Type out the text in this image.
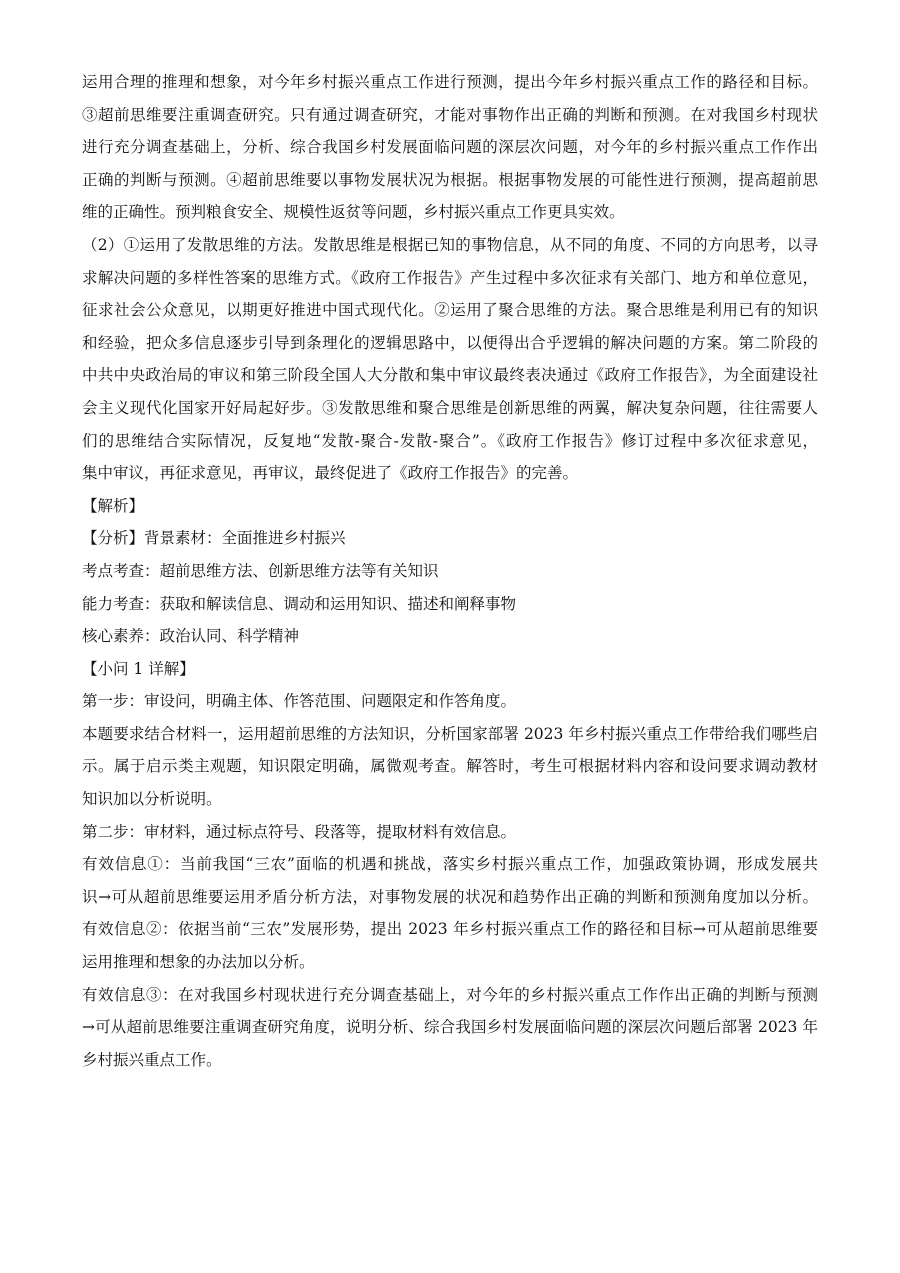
运用合理的推理和想象，对今年乡村振兴重点工作进行预测，提出今年乡村振兴重点工作的路径和目标。
③超前思维要注重调查研究。只有通过调查研究，才能对事物作出正确的判断和预测。在对我国乡村现状
进行充分调查基础上，分析、综合我国乡村发展面临问题的深层次问题，对今年的乡村振兴重点工作作出
正确的判断与预测。④超前思维要以事物发展状况为根据。根据事物发展的可能性进行预测，提高超前思
维的正确性。预判粮食安全、规模性返贫等问题，乡村振兴重点工作更具实效。
（2）①运用了发散思维的方法。发散思维是根据已知的事物信息，从不同的角度、不同的方向思考，以寻
求解决问题的多样性答案的思维方式。《政府工作报告》产生过程中多次征求有关部门、地方和单位意见，
征求社会公众意见，以期更好推进中国式现代化。②运用了聚合思维的方法。聚合思维是利用已有的知识
和经验，把众多信息逐步引导到条理化的逻辑思路中，以便得出合乎逻辑的解决问题的方案。第二阶段的
中共中央政治局的审议和第三阶段全国人大分散和集中审议最终表决通过《政府工作报告》，为全面建设社
会主义现代化国家开好局起好步。③发散思维和聚合思维是创新思维的两翼，解决复杂问题，往往需要人
们的思维结合实际情况，反复地“发散-聚合-发散-聚合”。《政府工作报告》修订过程中多次征求意见，
集中审议，再征求意见，再审议，最终促进了《政府工作报告》的完善。
【解析】
【分析】背景素材：全面推进乡村振兴
考点考查：超前思维方法、创新思维方法等有关知识
能力考查：获取和解读信息、调动和运用知识、描述和阐释事物
核心素养：政治认同、科学精神
【小问 1 详解】
第一步：审设问，明确主体、作答范围、问题限定和作答角度。
本题要求结合材料一，运用超前思维的方法知识，分析国家部署 2023 年乡村振兴重点工作带给我们哪些启
示。属于启示类主观题，知识限定明确，属微观考查。解答时，考生可根据材料内容和设问要求调动教材
知识加以分析说明。
第二步：审材料，通过标点符号、段落等，提取材料有效信息。
有效信息①：当前我国“三农”面临的机遇和挑战，落实乡村振兴重点工作，加强政策协调，形成发展共
识→可从超前思维要运用矛盾分析方法，对事物发展的状况和趋势作出正确的判断和预测角度加以分析。
有效信息②：依据当前“三农”发展形势，提出 2023 年乡村振兴重点工作的路径和目标→可从超前思维要
运用推理和想象的办法加以分析。
有效信息③：在对我国乡村现状进行充分调查基础上，对今年的乡村振兴重点工作作出正确的判断与预测
→可从超前思维要注重调查研究角度，说明分析、综合我国乡村发展面临问题的深层次问题后部署 2023 年
乡村振兴重点工作。
